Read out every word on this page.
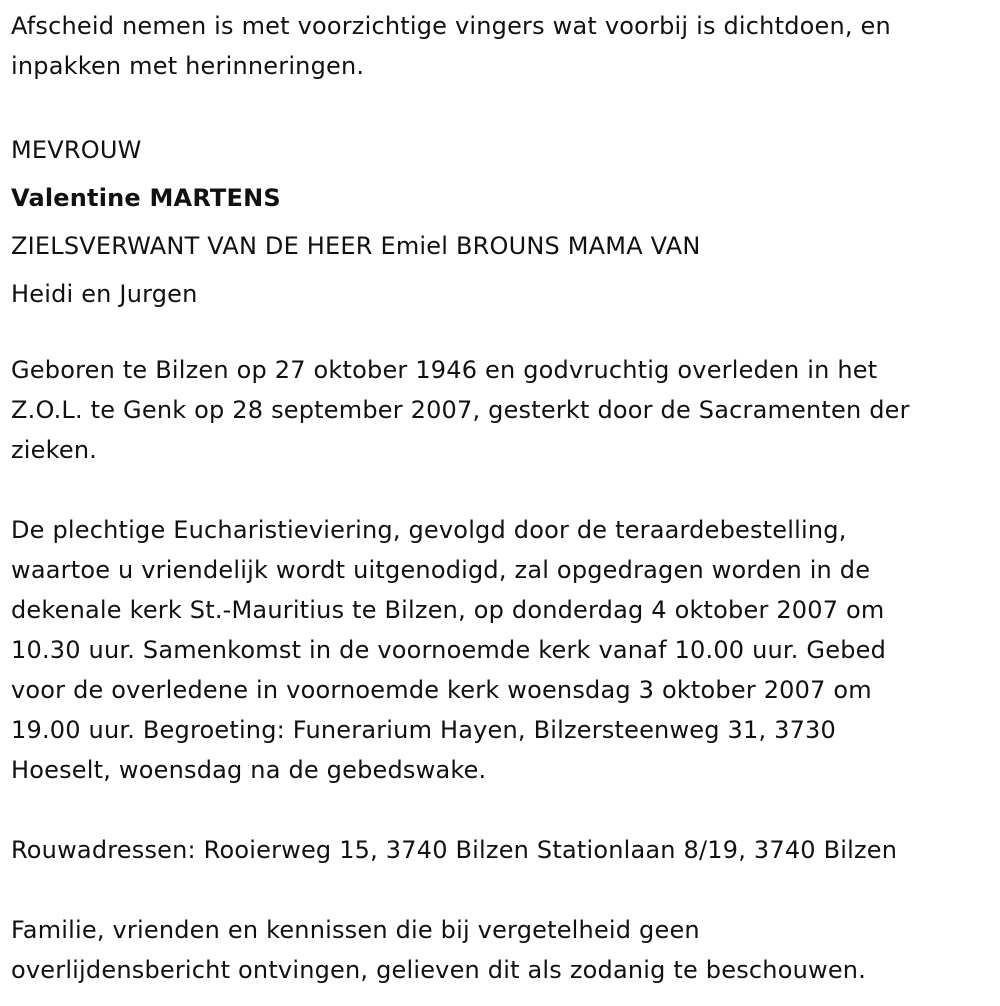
Afscheid nemen is met voorzichtige vingers wat voorbij is dichtdoen, en
inpakken met herinneringen.

MEVROUW
Valentine MARTENS
ZIELSVERWANT VAN DE HEER Emiel BROUNS MAMA VAN
Heidi en Jurgen

Geboren te Bilzen op 27 oktober 1946 en godvruchtig overleden in het
Z.O.L. te Genk op 28 september 2007, gesterkt door de Sacramenten der
zieken.

De plechtige Eucharistieviering, gevolgd door de teraardebestelling,
waartoe u vriendelijk wordt uitgenodigd, zal opgedragen worden in de
dekenale kerk St.-Mauritius te Bilzen, op donderdag 4 oktober 2007 om
10.30 uur. Samenkomst in de voornoemde kerk vanaf 10.00 uur. Gebed
voor de overledene in voornoemde kerk woensdag 3 oktober 2007 om
19.00 uur. Begroeting: Funerarium Hayen, Bilzersteenweg 31, 3730
Hoeselt, woensdag na de gebedswake.

Rouwadressen: Rooierweg 15, 3740 Bilzen Stationlaan 8/19, 3740 Bilzen

Familie, vrienden en kennissen die bij vergetelheid geen
overlijdensbericht ontvingen, gelieven dit als zodanig te beschouwen.
